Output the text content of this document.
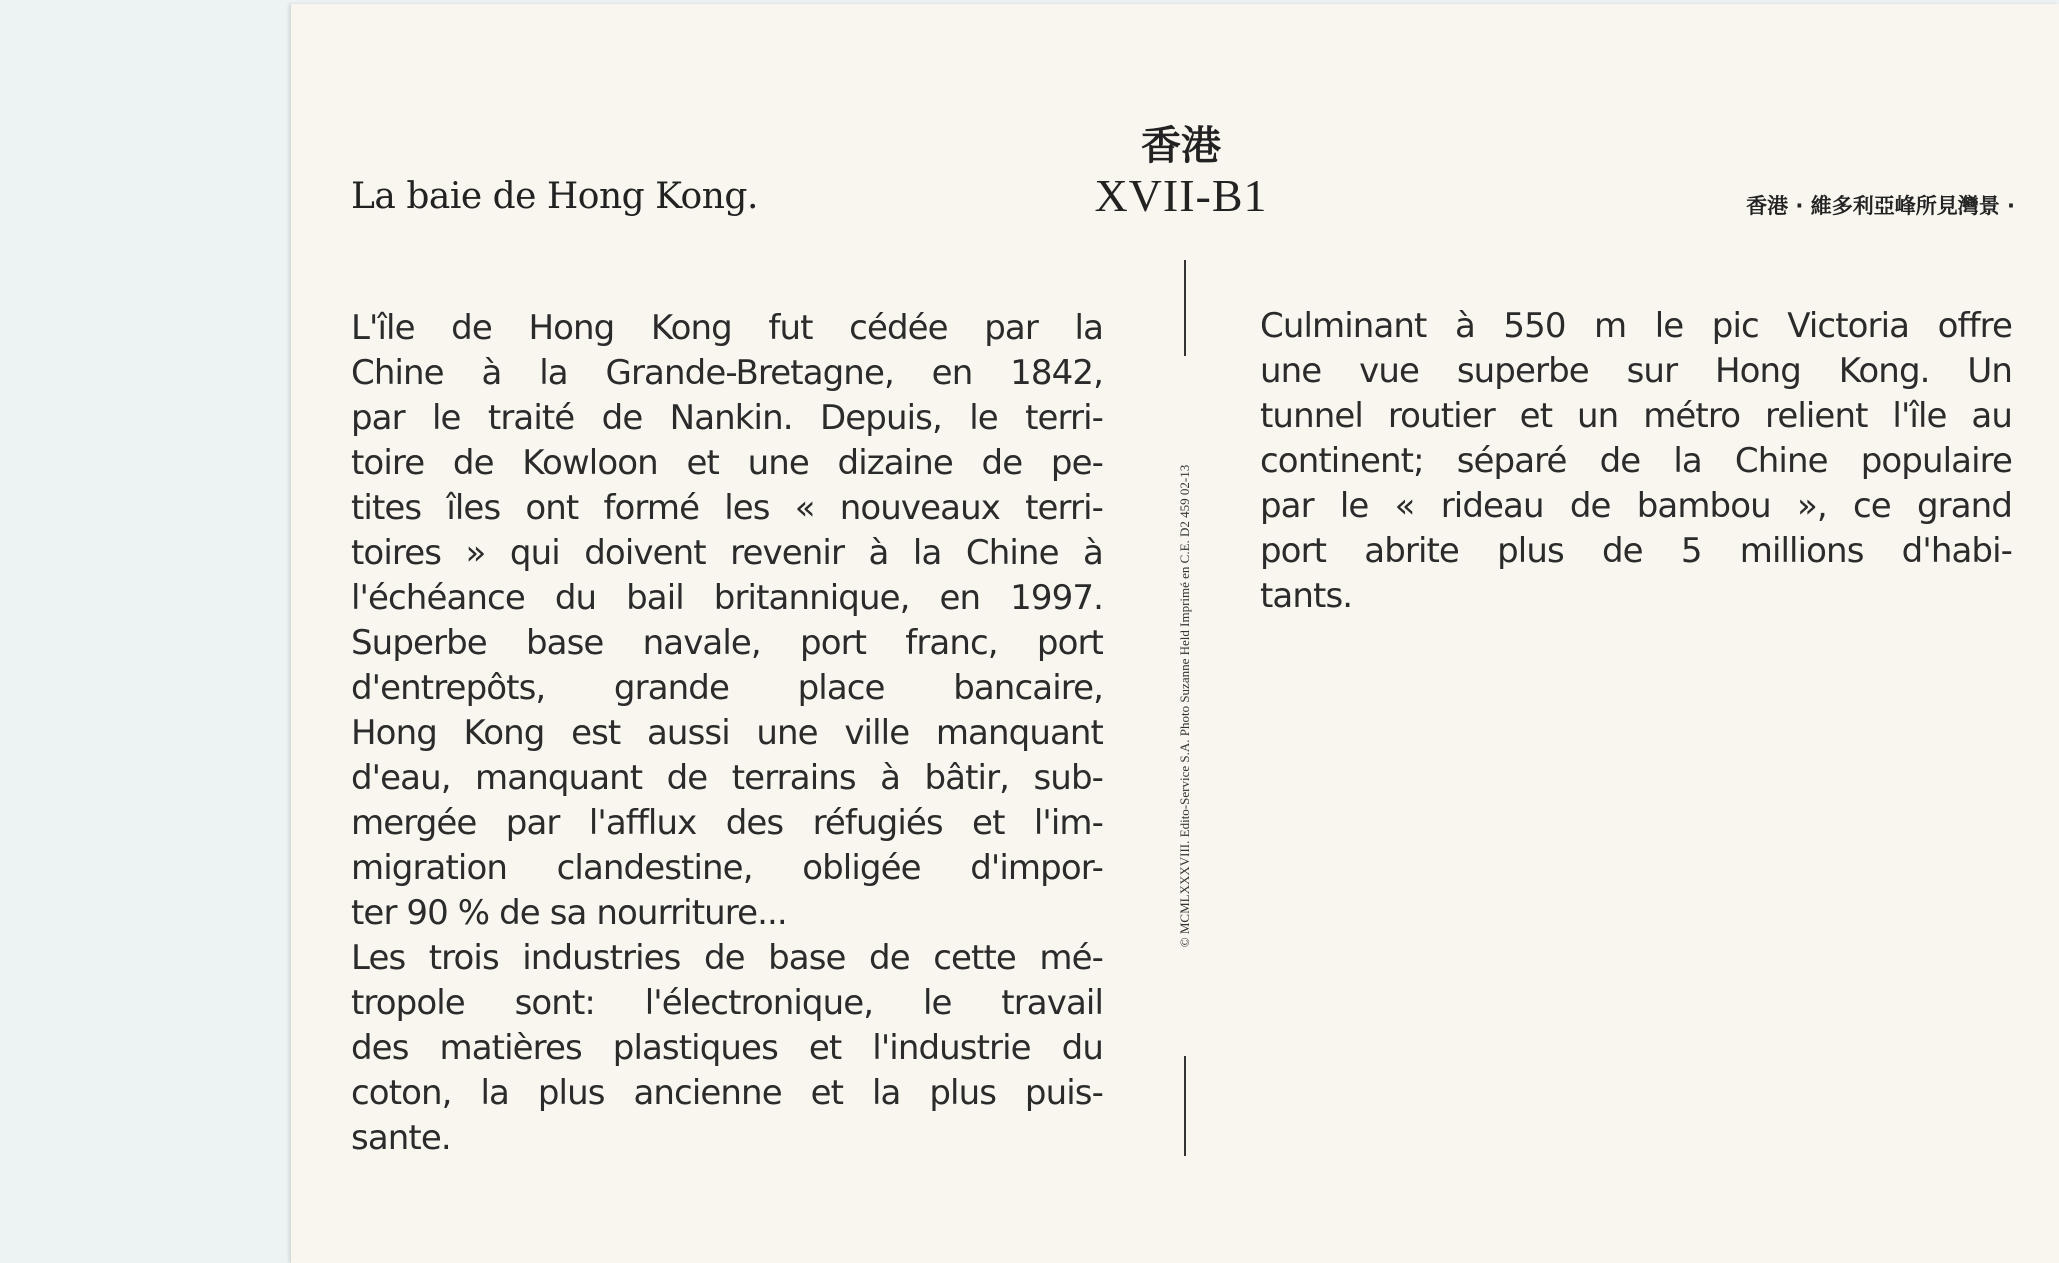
La baie de Hong Kong.
香港
XVII-B1	香港 · 維多利亞峰所見灣景 ·
© MCMLXXXVIII. Edito-Service S.A. Photo Suzanne Held Imprimé en C.E. D2 459 02-13
L'île de Hong Kong fut cédée par la
Chine à la Grande-Bretagne, en 1842,
par le traité de Nankin. Depuis, le terri-
toire de Kowloon et une dizaine de pe-
tites îles ont formé les « nouveaux terri-
toires » qui doivent revenir à la Chine à
l'échéance du bail britannique, en 1997.
Superbe base navale, port franc, port
d'entrepôts, grande place bancaire,
Hong Kong est aussi une ville manquant
d'eau, manquant de terrains à bâtir, sub-
mergée par l'afflux des réfugiés et l'im-
migration clandestine, obligée d'impor-
ter 90 % de sa nourriture...
Les trois industries de base de cette mé-
tropole sont: l'électronique, le travail
des matières plastiques et l'industrie du
coton, la plus ancienne et la plus puis-
sante.
Culminant à 550 m le pic Victoria offre
une vue superbe sur Hong Kong. Un
tunnel routier et un métro relient l'île au
continent; séparé de la Chine populaire
par le « rideau de bambou », ce grand
port abrite plus de 5 millions d'habi-
tants.
